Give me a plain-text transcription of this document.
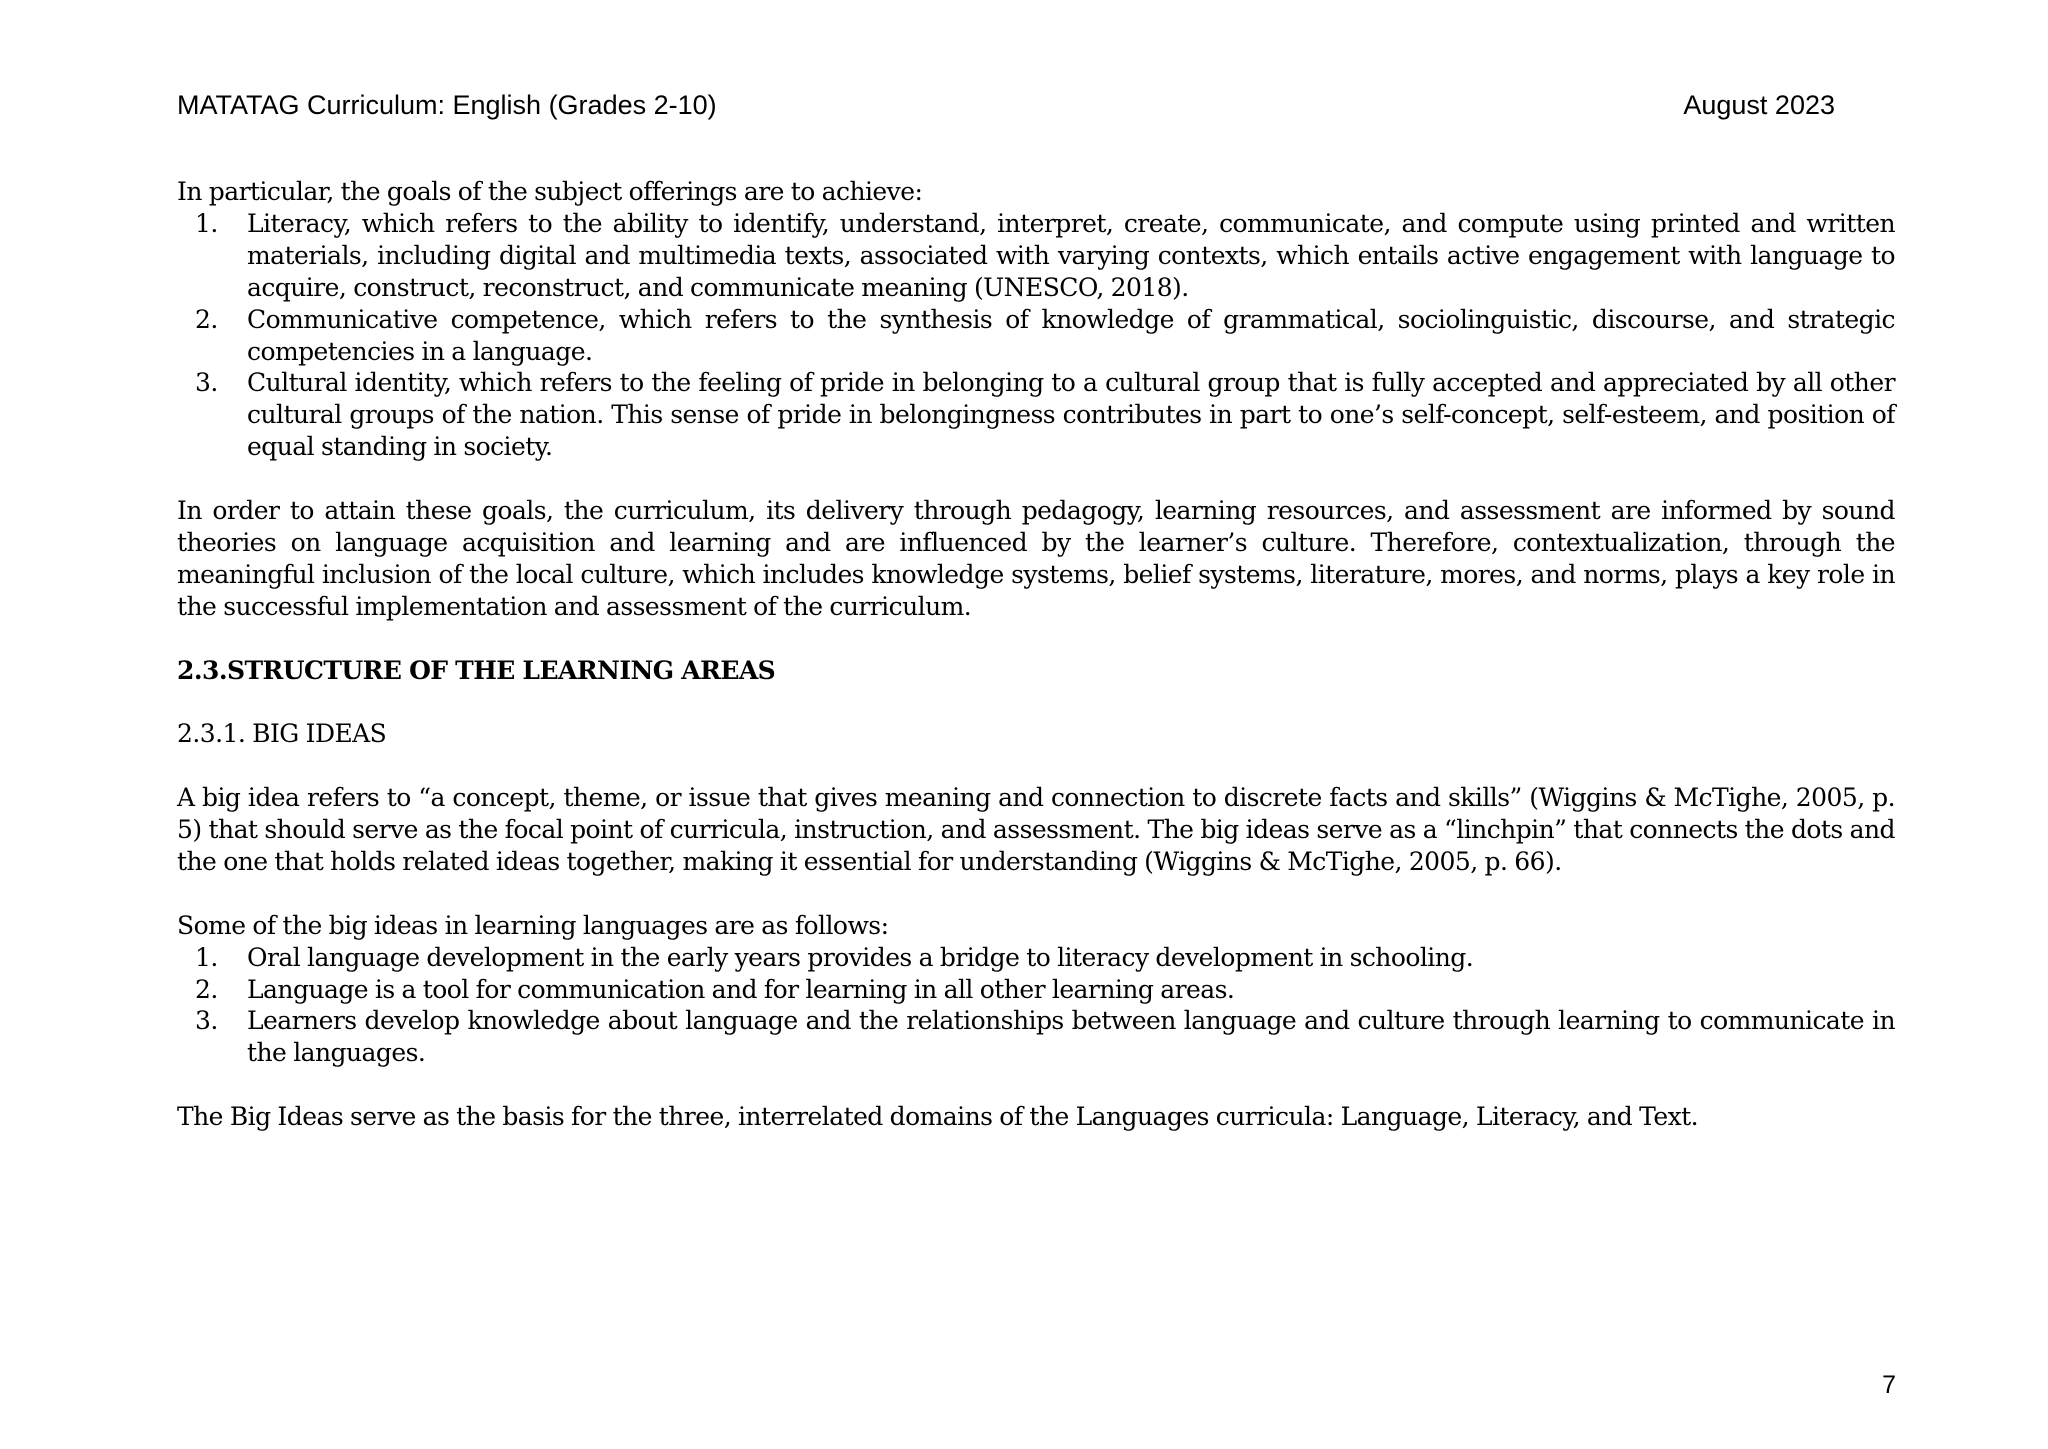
MATATAG Curriculum: English (Grades 2-10)	August 2023

In particular, the goals of the subject offerings are to achieve:

1. Literacy, which refers to the ability to identify, understand, interpret, create, communicate, and compute using printed and written materials, including digital and multimedia texts, associated with varying contexts, which entails active engagement with language to acquire, construct, reconstruct, and communicate meaning (UNESCO, 2018).
2. Communicative competence, which refers to the synthesis of knowledge of grammatical, sociolinguistic, discourse, and strategic competencies in a language.
3. Cultural identity, which refers to the feeling of pride in belonging to a cultural group that is fully accepted and appreciated by all other cultural groups of the nation. This sense of pride in belongingness contributes in part to one’s self-concept, self-esteem, and position of equal standing in society.

In order to attain these goals, the curriculum, its delivery through pedagogy, learning resources, and assessment are informed by sound theories on language acquisition and learning and are influenced by the learner’s culture. Therefore, contextualization, through the meaningful inclusion of the local culture, which includes knowledge systems, belief systems, literature, mores, and norms, plays a key role in the successful implementation and assessment of the curriculum.

2.3.STRUCTURE OF THE LEARNING AREAS

2.3.1. BIG IDEAS

A big idea refers to “a concept, theme, or issue that gives meaning and connection to discrete facts and skills” (Wiggins & McTighe, 2005, p. 5) that should serve as the focal point of curricula, instruction, and assessment. The big ideas serve as a “linchpin” that connects the dots and the one that holds related ideas together, making it essential for understanding (Wiggins & McTighe, 2005, p. 66).

Some of the big ideas in learning languages are as follows:

1. Oral language development in the early years provides a bridge to literacy development in schooling.
2. Language is a tool for communication and for learning in all other learning areas.
3. Learners develop knowledge about language and the relationships between language and culture through learning to communicate in the languages.

The Big Ideas serve as the basis for the three, interrelated domains of the Languages curricula: Language, Literacy, and Text.

7
